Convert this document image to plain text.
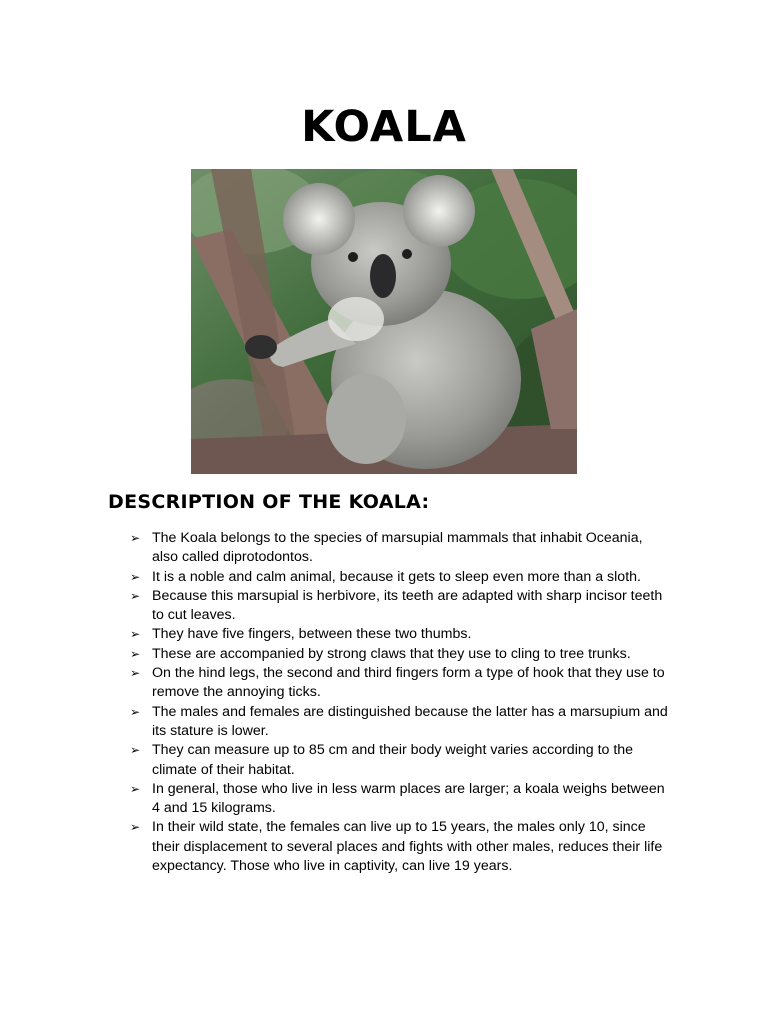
KOALA
DESCRIPTION OF THE KOALA:
➢ The Koala belongs to the species of marsupial mammals that inhabit Oceania, also called diprotodontos.
➢ It is a noble and calm animal, because it gets to sleep even more than a sloth.
➢ Because this marsupial is herbivore, its teeth are adapted with sharp incisor teeth to cut leaves.
➢ They have five fingers, between these two thumbs.
➢ These are accompanied by strong claws that they use to cling to tree trunks.
➢ On the hind legs, the second and third fingers form a type of hook that they use to remove the annoying ticks.
➢ The males and females are distinguished because the latter has a marsupium and its stature is lower.
➢ They can measure up to 85 cm and their body weight varies according to the climate of their habitat.
➢ In general, those who live in less warm places are larger; a koala weighs between 4 and 15 kilograms.
➢ In their wild state, the females can live up to 15 years, the males only 10, since their displacement to several places and fights with other males, reduces their life expectancy. Those who live in captivity, can live 19 years.
